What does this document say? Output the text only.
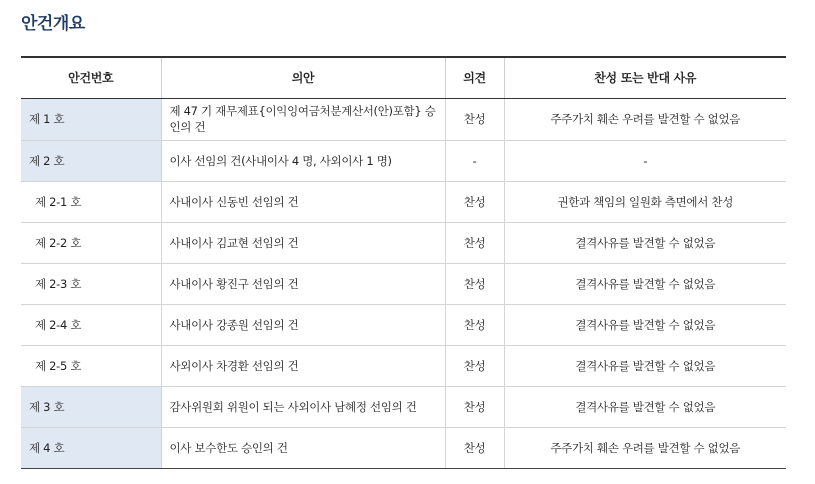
안건개요
안건번호	의안	의견	찬성 또는 반대 사유
제 1 호	제 47 기 재무제표{이익잉여금처분계산서(안)포함} 승인의 건	찬성	주주가치 훼손 우려를 발견할 수 없었음
제 2 호	이사 선임의 건(사내이사 4 명, 사외이사 1 명)	-	-
제 2-1 호	사내이사 신동빈 선임의 건	찬성	권한과 책임의 일원화 측면에서 찬성
제 2-2 호	사내이사 김교현 선임의 건	찬성	결격사유를 발견할 수 없었음
제 2-3 호	사내이사 황진구 선임의 건	찬성	결격사유를 발견할 수 없었음
제 2-4 호	사내이사 강종원 선임의 건	찬성	결격사유를 발견할 수 없었음
제 2-5 호	사외이사 차경환 선임의 건	찬성	결격사유를 발견할 수 없었음
제 3 호	감사위원회 위원이 되는 사외이사 남혜정 선임의 건	찬성	결격사유를 발견할 수 없었음
제 4 호	이사 보수한도 승인의 건	찬성	주주가치 훼손 우려를 발견할 수 없었음
